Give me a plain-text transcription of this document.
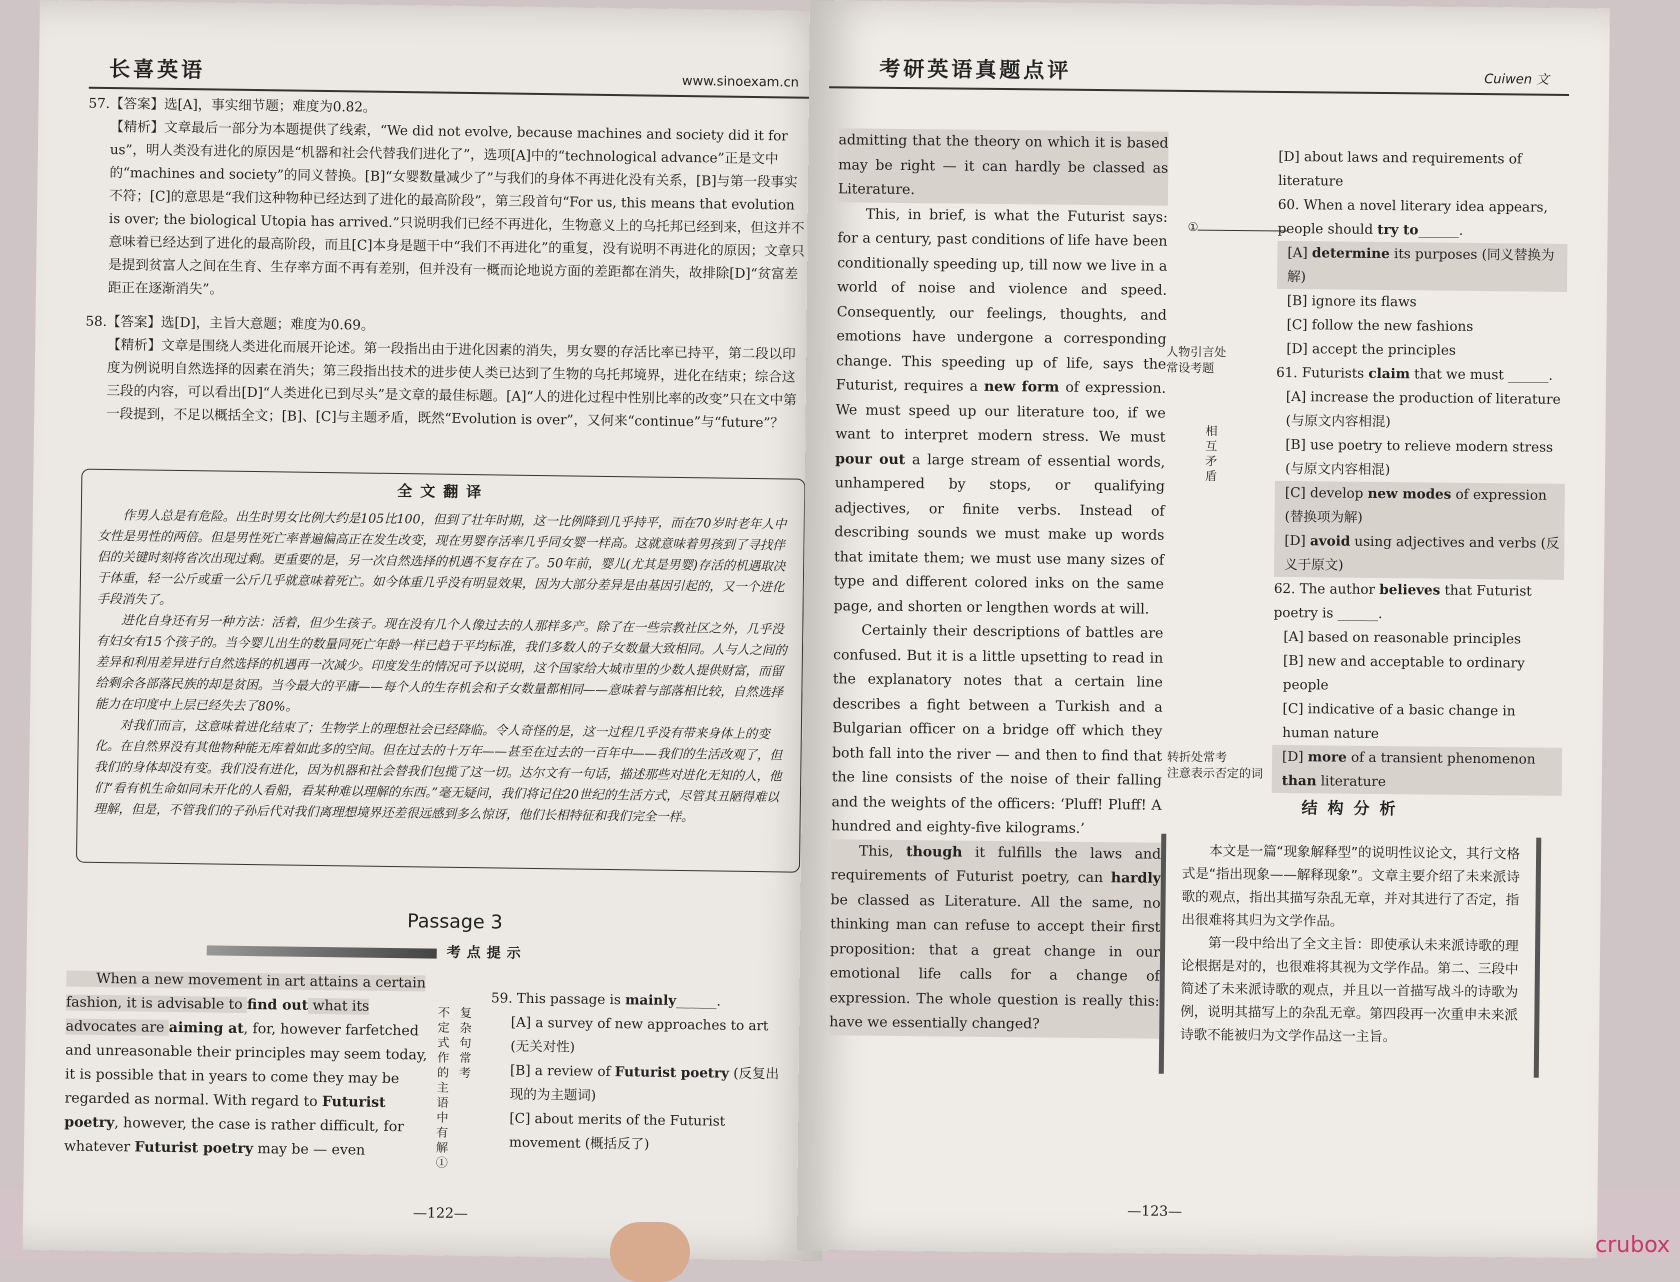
长喜英语	www.sinoexam.cn
57.【答案】选[A]，事实细节题；难度为0.82。
【精析】文章最后一部分为本题提供了线索，“We did not evolve, because machines and society did it for us”，明人类没有进化的原因是“机器和社会代替我们进化了”，选项[A]中的“technological advance”正是文中的“machines and society”的同义替换。[B]“女婴数量减少了”与我们的身体不再进化没有关系，[B]与第一段事实不符；[C]的意思是“我们这种物种已经达到了进化的最高阶段”，第三段首句“For us, this means that evolution is over; the biological Utopia has arrived.”只说明我们已经不再进化，生物意义上的乌托邦已经到来，但这并不意味着已经达到了进化的最高阶段，而且[C]本身是题干中“我们不再进化”的重复，没有说明不再进化的原因；文章只是提到贫富人之间在生育、生存率方面不再有差别，但并没有一概而论地说方面的差距都在消失，故排除[D]“贫富差距正在逐渐消失”。
58.【答案】选[D]，主旨大意题；难度为0.69。
【精析】文章是围绕人类进化而展开论述。第一段指出由于进化因素的消失，男女婴的存活比率已持平，第二段以印度为例说明自然选择的因素在消失；第三段指出技术的进步使人类已达到了生物的乌托邦境界，进化在结束；综合这三段的内容，可以看出[D]“人类进化已到尽头”是文章的最佳标题。[A]“人的进化过程中性别比率的改变”只在文中第一段提到，不足以概括全文；[B]、[C]与主题矛盾，既然“Evolution is over”，又何来“continue”与“future”？
全文翻译
作男人总是有危险。出生时男女比例大约是105比100，但到了壮年时期，这一比例降到几乎持平，而在70岁时老年人中女性是男性的两倍。但是男性死亡率普遍偏高正在发生改变，现在男婴存活率几乎同女婴一样高。这就意味着男孩到了寻找伴侣的关键时刻将省次出现过剩。更重要的是，另一次自然选择的机遇不复存在了。50年前，婴儿(尤其是男婴)存活的机遇取决于体重，轻一公斤或重一公斤几乎就意味着死亡。如今体重几乎没有明显效果，因为大部分差异是由基因引起的，又一个进化手段消失了。
进化自身还有另一种方法：活着，但少生孩子。现在没有几个人像过去的人那样多产。除了在一些宗教社区之外，几乎没有妇女有15个孩子的。当今婴儿出生的数量同死亡年龄一样已趋于平均标准，我们多数人的子女数量大致相同。人与人之间的差异和利用差异进行自然选择的机遇再一次减少。印度发生的情况可予以说明，这个国家给大城市里的少数人提供财富，而留给剩余各部落民族的却是贫困。当今最大的平庸——每个人的生存机会和子女数量都相同——意味着与部落相比较，自然选择能力在印度中上层已经失去了80%。
对我们而言，这意味着进化结束了；生物学上的理想社会已经降临。令人奇怪的是，这一过程几乎没有带来身体上的变化。在自然界没有其他物种能无库着如此多的空间。但在过去的十万年——甚至在过去的一百年中——我们的生活改观了，但我们的身体却没有变。我们没有进化，因为机器和社会替我们包揽了这一切。达尔文有一句话，描述那些对进化无知的人，他们“看有机生命如同未开化的人看船，看某种难以理解的东西。”毫无疑问，我们将记住20世纪的生活方式，尽管其丑陋得难以理解，但是，不管我们的子孙后代对我们离理想境界还差很远感到多么惊讶，他们长相特征和我们完全一样。
Passage 3
考点提示
When a new movement in art attains a certain fashion, it is advisable to find out what its advocates are aiming at, for, however farfetched and unreasonable their principles may seem today, it is possible that in years to come they may be regarded as normal. With regard to Futurist poetry, however, the case is rather difficult, for whatever Futurist poetry may be — even
不定式作的主语中有解①
复杂句常考
59. This passage is mainly______.
[A] a survey of new approaches to art (无关对性)
[B] a review of Futurist poetry (反复出现的为主题词)
[C] about merits of the Futurist movement (概括反了)
—122—
考研英语真题点评	Cuiwen 文
admitting that the theory on which it is based may be right — it can hardly be classed as Literature.
This, in brief, is what the Futurist says: for a century, past conditions of life have been conditionally speeding up, till now we live in a world of noise and violence and speed. Consequently, our feelings, thoughts, and emotions have undergone a corresponding change. This speeding up of life, says the Futurist, requires a new form of expression. We must speed up our literature too, if we want to interpret modern stress. We must pour out a large stream of essential words, unhampered by stops, or qualifying adjectives, or finite verbs. Instead of describing sounds we must make up words that imitate them; we must use many sizes of type and different colored inks on the same page, and shorten or lengthen words at will.
Certainly their descriptions of battles are confused. But it is a little upsetting to read in the explanatory notes that a certain line describes a fight between a Turkish and a Bulgarian officer on a bridge off which they both fall into the river — and then to find that the line consists of the noise of their falling and the weights of the officers: ‘Pluff! Pluff! A hundred and eighty-five kilograms.’
This, though it fulfills the laws and requirements of Futurist poetry, can hardly be classed as Literature. All the same, no thinking man can refuse to accept their first proposition: that a great change in our emotional life calls for a change of expression. The whole question is really this: have we essentially changed?
人物引言处
常设考题
相互矛盾
转折处常考
注意表示否定的词
①
[D] about laws and requirements of literature
60. When a novel literary idea appears, people should try to______.
[A] determine its purposes (同义替换为解)
[B] ignore its flaws
[C] follow the new fashions
[D] accept the principles
61. Futurists claim that we must ______.
[A] increase the production of literature (与原文内容相混)
[B] use poetry to relieve modern stress (与原文内容相混)
[C] develop new modes of expression (替换项为解)
[D] avoid using adjectives and verbs (反义于原文)
62. The author believes that Futurist poetry is ______.
[A] based on reasonable principles
[B] new and acceptable to ordinary people
[C] indicative of a basic change in human nature
[D] more of a transient phenomenon than literature
结构分析
本文是一篇“现象解释型”的说明性议论文，其行文格式是“指出现象——解释现象”。文章主要介绍了未来派诗歌的观点，指出其描写杂乱无章，并对其进行了否定，指出很难将其归为文学作品。
第一段中给出了全文主旨：即使承认未来派诗歌的理论根据是对的，也很难将其视为文学作品。第二、三段中简述了未来派诗歌的观点，并且以一首描写战斗的诗歌为例，说明其描写上的杂乱无章。第四段再一次重申未来派诗歌不能被归为文学作品这一主旨。
—123—
crubox
